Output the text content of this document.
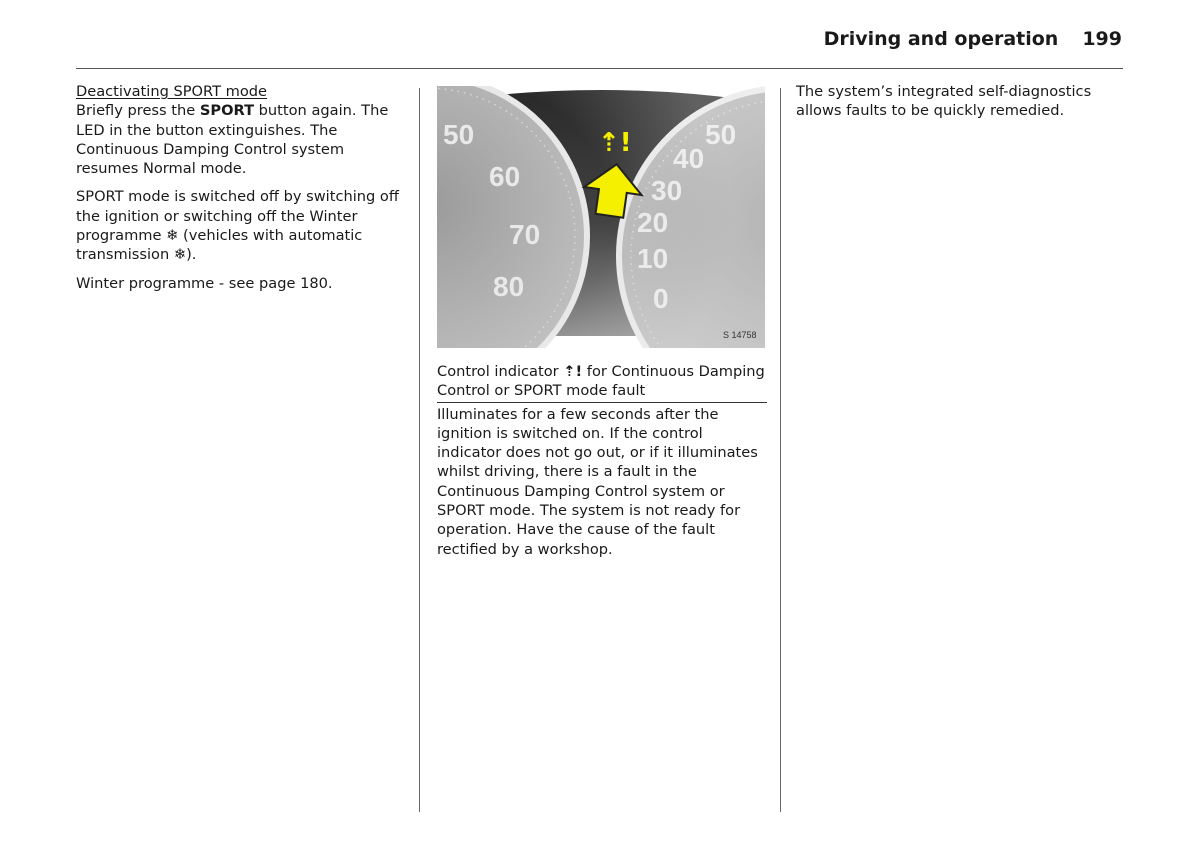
Driving and operation 199
Deactivating SPORT mode

Briefly press the SPORT button again. The LED in the button extinguishes. The Continuous Damping Control system resumes Normal mode.

SPORT mode is switched off by switching off the ignition or switching off the Winter programme ❄ (vehicles with automatic transmission ❄).

Winter programme - see page 180.

50
60
70
80
50
40
30
20
10
0
⇡!
S 14758
Control indicator ⇡! for Continuous Damping Control or SPORT mode fault

Illuminates for a few seconds after the ignition is switched on. If the control indicator does not go out, or if it illuminates whilst driving, there is a fault in the Continuous Damping Control system or SPORT mode. The system is not ready for operation. Have the cause of the fault rectified by a workshop.

The system’s integrated self-diagnostics allows faults to be quickly remedied.
